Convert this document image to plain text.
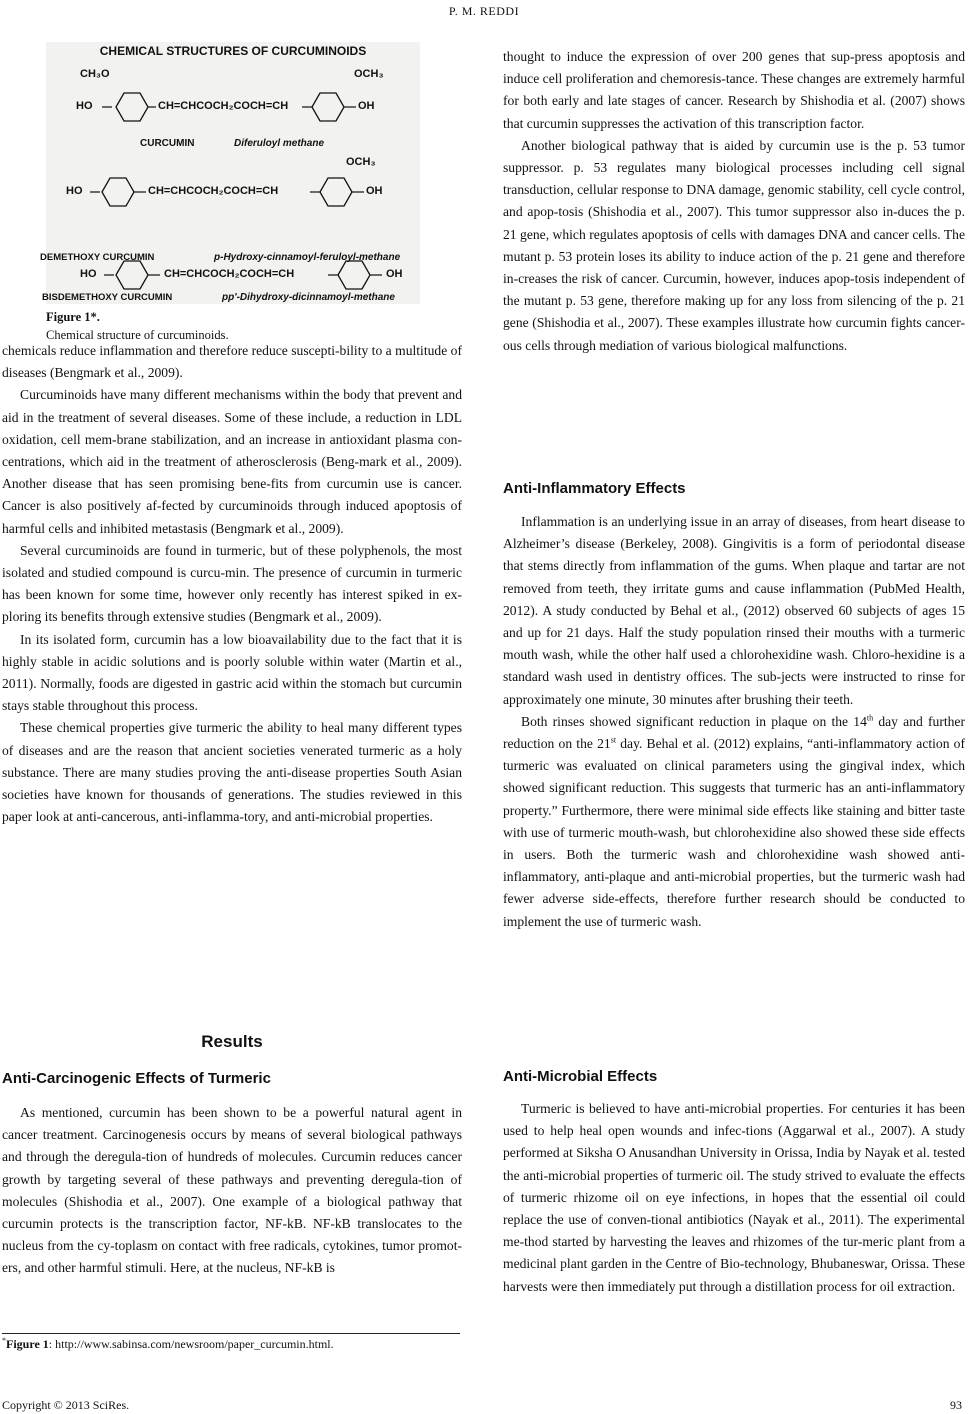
P. M. REDDI
CHEMICAL STRUCTURES OF CURCUMINOIDS
CH₃O	OCH₃
HO	CH=CHCOCH₂COCH=CH	OH
CURCUMIN	Diferuloyl methane
OCH₃
HO	CH=CHCOCH₂COCH=CH	OH
DEMETHOXY CURCUMIN	p-Hydroxy-cinnamoyl-feruloyl-methane
HO	CH=CHCOCH₂COCH=CH	OH
BISDEMETHOXY CURCUMIN	pp'-Dihydroxy-dicinnamoyl-methane
Figure 1*.
Chemical structure of curcuminoids.

chemicals reduce inflammation and therefore reduce suscepti-bility to a multitude of diseases (Bengmark et al., 2009).

Curcuminoids have many different mechanisms within the body that prevent and aid in the treatment of several diseases. Some of these include, a reduction in LDL oxidation, cell mem-brane stabilization, and an increase in antioxidant plasma con-centrations, which aid in the treatment of atherosclerosis (Beng-mark et al., 2009). Another disease that has seen promising bene-fits from curcumin use is cancer. Cancer is also positively af-fected by curcuminoids through induced apoptosis of harmful cells and inhibited metastasis (Bengmark et al., 2009).

Several curcuminoids are found in turmeric, but of these polyphenols, the most isolated and studied compound is curcu-min. The presence of curcumin in turmeric has been known for some time, however only recently has interest spiked in ex-ploring its benefits through extensive studies (Bengmark et al., 2009).

In its isolated form, curcumin has a low bioavailability due to the fact that it is highly stable in acidic solutions and is poorly soluble within water (Martin et al., 2011). Normally, foods are digested in gastric acid within the stomach but curcumin stays stable throughout this process.

These chemical properties give turmeric the ability to heal many different types of diseases and are the reason that ancient societies venerated turmeric as a holy substance. There are many studies proving the anti-disease properties South Asian societies have known for thousands of generations. The studies reviewed in this paper look at anti-cancerous, anti-inflamma-tory, and anti-microbial properties.

Results
Anti-Carcinogenic Effects of Turmeric

As mentioned, curcumin has been shown to be a powerful natural agent in cancer treatment. Carcinogenesis occurs by means of several biological pathways and through the deregula-tion of hundreds of molecules. Curcumin reduces cancer growth by targeting several of these pathways and preventing deregula-tion of molecules (Shishodia et al., 2007). One example of a biological pathway that curcumin protects is the transcription factor, NF-kB. NF-kB translocates to the nucleus from the cy-toplasm on contact with free radicals, cytokines, tumor promot-ers, and other harmful stimuli. Here, at the nucleus, NF-kB is

thought to induce the expression of over 200 genes that sup-press apoptosis and induce cell proliferation and chemoresis-tance. These changes are extremely harmful for both early and late stages of cancer. Research by Shishodia et al. (2007) shows that curcumin suppresses the activation of this transcription factor.

Another biological pathway that is aided by curcumin use is the p. 53 tumor suppressor. p. 53 regulates many biological processes including cell signal transduction, cellular response to DNA damage, genomic stability, cell cycle control, and apop-tosis (Shishodia et al., 2007). This tumor suppressor also in-duces the p. 21 gene, which regulates apoptosis of cells with damages DNA and cancer cells. The mutant p. 53 protein loses its ability to induce action of the p. 21 gene and therefore in-creases the risk of cancer. Curcumin, however, induces apop-tosis independent of the mutant p. 53 gene, therefore making up for any loss from silencing of the p. 21 gene (Shishodia et al., 2007). These examples illustrate how curcumin fights cancer-ous cells through mediation of various biological malfunctions.

Anti-Inflammatory Effects

Inflammation is an underlying issue in an array of diseases, from heart disease to Alzheimer’s disease (Berkeley, 2008). Gingivitis is a form of periodontal disease that stems directly from inflammation of the gums. When plaque and tartar are not removed from teeth, they irritate gums and cause inflammation (PubMed Health, 2012). A study conducted by Behal et al., (2012) observed 60 subjects of ages 15 and up for 21 days. Half the study population rinsed their mouths with a turmeric mouth wash, while the other half used a chlorohexidine wash. Chloro-hexidine is a standard wash used in dentistry offices. The sub-jects were instructed to rinse for approximately one minute, 30 minutes after brushing their teeth.

Both rinses showed significant reduction in plaque on the 14th day and further reduction on the 21st day. Behal et al. (2012) explains, “anti-inflammatory action of turmeric was evaluated on clinical parameters using the gingival index, which showed significant reduction. This suggests that turmeric has an anti-inflammatory property.” Furthermore, there were minimal side effects like staining and bitter taste with use of turmeric mouth-wash, but chlorohexidine also showed these side effects in users. Both the turmeric wash and chlorohexidine wash showed anti-inflammatory, anti-plaque and anti-microbial properties, but the turmeric wash had fewer adverse side-effects, therefore further research should be conducted to implement the use of turmeric wash.

Anti-Microbial Effects

Turmeric is believed to have anti-microbial properties. For centuries it has been used to help heal open wounds and infec-tions (Aggarwal et al., 2007). A study performed at Siksha O Anusandhan University in Orissa, India by Nayak et al. tested the anti-microbial properties of turmeric oil. The study strived to evaluate the effects of turmeric rhizome oil on eye infections, in hopes that the essential oil could replace the use of conven-tional antibiotics (Nayak et al., 2011). The experimental me-thod started by harvesting the leaves and rhizomes of the tur-meric plant from a medicinal plant garden in the Centre of Bio-technology, Bhubaneswar, Orissa. These harvests were then immediately put through a distillation process for oil extraction.

*Figure 1: http://www.sabinsa.com/newsroom/paper_curcumin.html.
Copyright © 2013 SciRes.	93
